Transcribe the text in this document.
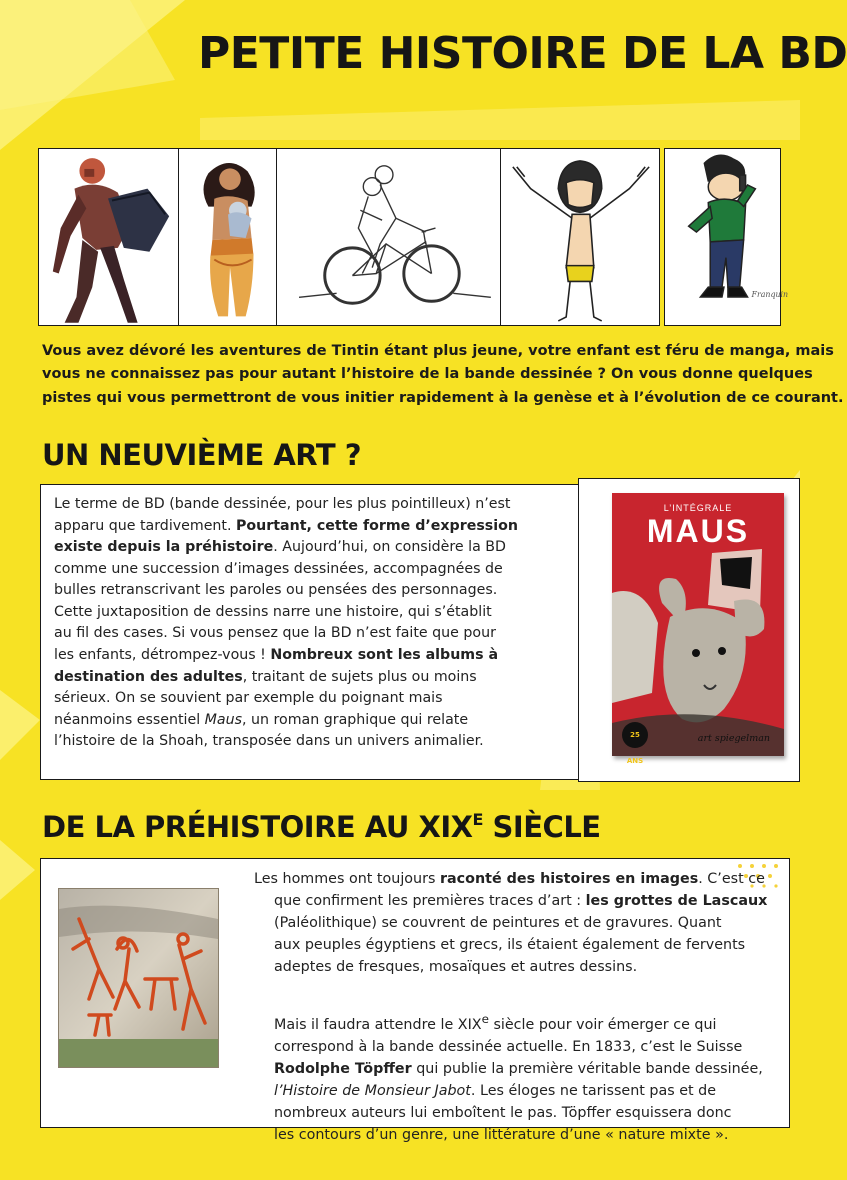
PETITE HISTOIRE DE LA BD
Franquin

Vous avez dévoré les aventures de Tintin étant plus jeune, votre enfant est féru de manga, mais
vous ne connaissez pas pour autant l’histoire de la bande dessinée ? On vous donne quelques
pistes qui vous permettront de vous initier rapidement à la genèse et à l’évolution de ce courant.

UN NEUVIÈME ART ?
Le terme de BD (bande dessinée, pour les plus pointilleux) n’est
apparu que tardivement. Pourtant, cette forme d’expression
existe depuis la préhistoire. Aujourd’hui, on considère la BD
comme une succession d’images dessinées, accompagnées de
bulles retranscrivant les paroles ou pensées des personnages.
Cette juxtaposition de dessins narre une histoire, qui s’établit
au fil des cases. Si vous pensez que la BD n’est faite que pour
les enfants, détrompez-vous ! Nombreux sont les albums à
destination des adultes, traitant de sujets plus ou moins
sérieux. On se souvient par exemple du poignant mais
néanmoins essentiel Maus, un roman graphique qui relate
l’histoire de la Shoah, transposée dans un univers animalier.
L’INTÉGRALE
MAUS
25 ANS
art spiegelman
DE LA PRÉHISTOIRE AU $XIX^E$ SIÈCLE
Les hommes ont toujours raconté des histoires en images. C’est ce
que confirment les premières traces d’art : les grottes de Lascaux
(Paléolithique) se couvrent de peintures et de gravures. Quant
aux peuples égyptiens et grecs, ils étaient également de fervents
adeptes de fresques, mosaïques et autres dessins.
Mais il faudra attendre le XIXe siècle pour voir émerger ce qui
correspond à la bande dessinée actuelle. En 1833, c’est le Suisse
Rodolphe Töpffer qui publie la première véritable bande dessinée,
l’Histoire de Monsieur Jabot. Les éloges ne tarissent pas et de
nombreux auteurs lui emboîtent le pas. Töpffer esquissera donc
les contours d’un genre, une littérature d’une « nature mixte ».
